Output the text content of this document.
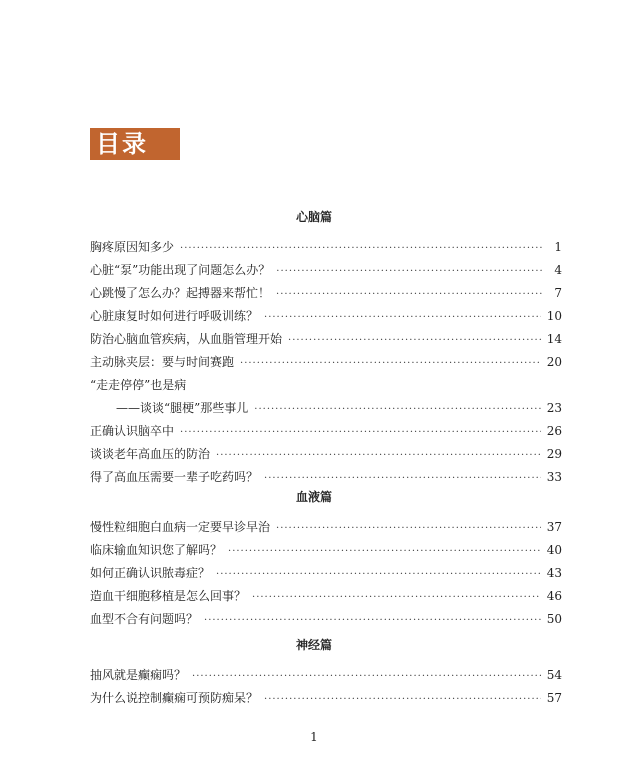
目录
心脑篇
胸疼原因知多少 ·····	1
心脏“泵”功能出现了问题怎么办？ ·····	4
心跳慢了怎么办？起搏器来帮忙！ ·····	7
心脏康复时如何进行呼吸训练？ ·····	10
防治心脑血管疾病，从血脂管理开始 ·····	14
主动脉夹层：要与时间赛跑 ·····	20
“走走停停”也是病
——谈谈“腿梗”那些事儿 ·····	23
正确认识脑卒中 ·····	26
谈谈老年高血压的防治 ·····	29
得了高血压需要一辈子吃药吗？ ·····	33
血液篇
慢性粒细胞白血病一定要早诊早治 ·····	37
临床输血知识您了解吗？ ·····	40
如何正确认识脓毒症？ ·····	43
造血干细胞移植是怎么回事？ ·····	46
血型不合有问题吗？ ·····	50
神经篇
抽风就是癫痫吗？ ·····	54
为什么说控制癫痫可预防痴呆？ ·····	57
1
